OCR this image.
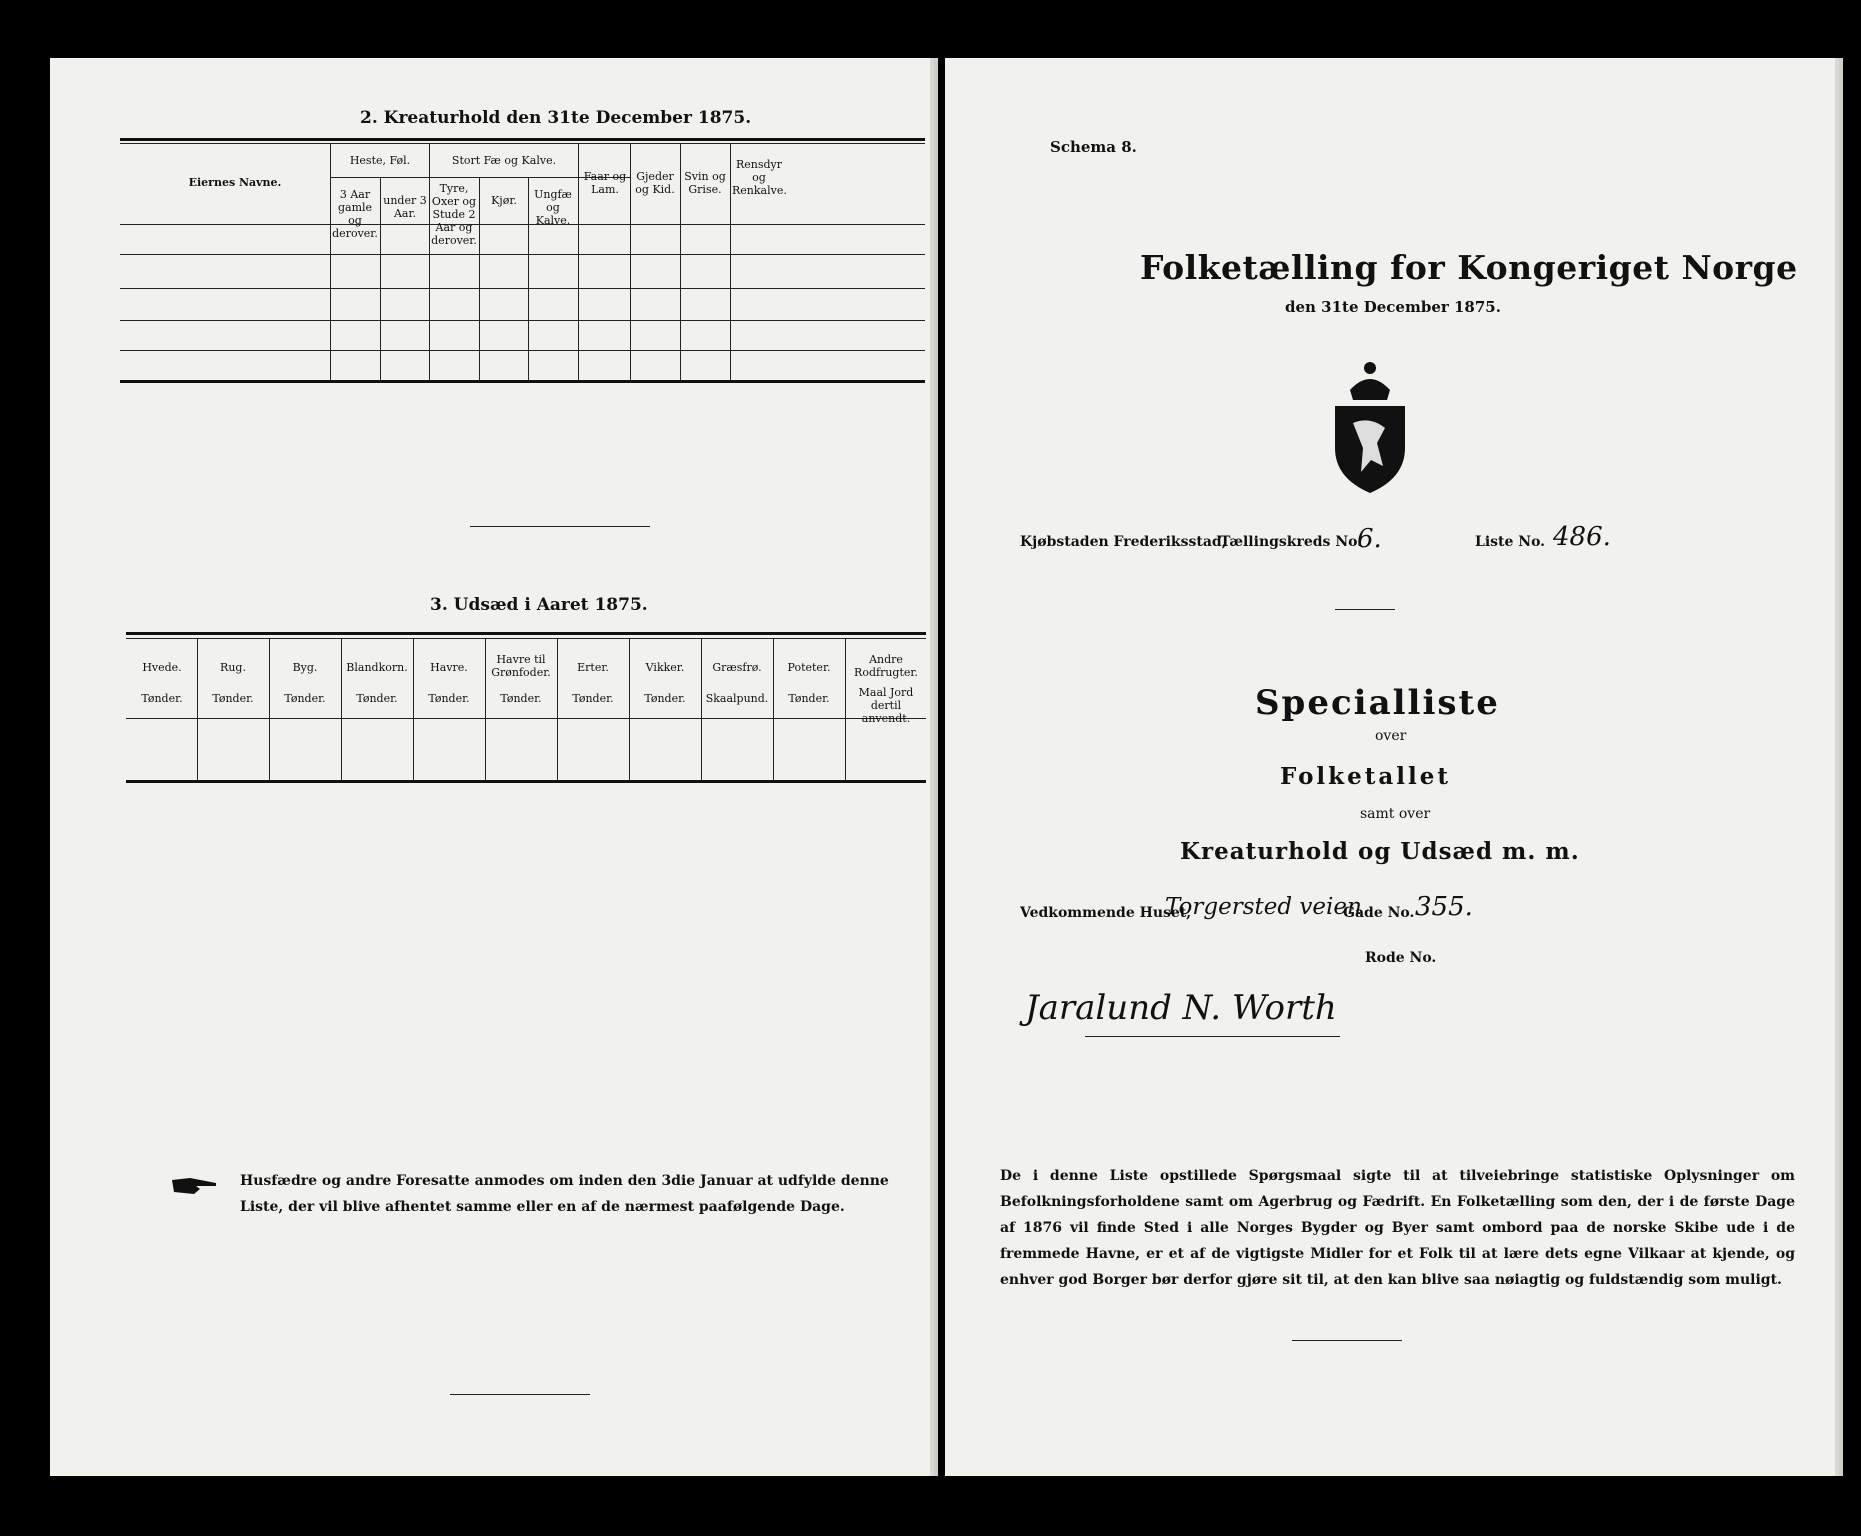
2. Kreaturhold den 31te December 1875.
Eiernes Navne.
Heste, Føl.
3 Aar gamle og derover.
under 3 Aar.
Stort Fæ og Kalve.
Tyre, Oxer og Stude 2 Aar og derover.
Kjør.	Ungfæ og Kalve.
Faar og Lam.
Gjeder og Kid.
Svin og Grise.
Rensdyr og Renkalve.
3. Udsæd i Aaret 1875.
Hvede.
Tønder.
Rug.
Tønder.
Byg.
Tønder.
Blandkorn.
Tønder.
Havre.
Tønder.
Havre til Grønfoder.
Tønder.
Erter.
Tønder.
Vikker.
Tønder.
Græsfrø.
Skaalpund.
Poteter.
Tønder.
Andre Rodfrugter.
Maal Jord dertil anvendt.
Husfædre og andre Foresatte anmodes om inden den 3die Januar at udfylde denne Liste, der vil blive afhentet samme eller en af de nærmest paafølgende Dage.
Schema 8.
Folketælling for Kongeriget Norge
den 31te December 1875.
Kjøbstaden Frederiksstad,
Tællingskreds No.
6.	Liste No. 486.
Specialliste
over
Folketallet
samt over
Kreaturhold og Udsæd m. m.
Vedkommende Huset,
Torgersted veien
Gade No. 355.
Rode No.
Jaralund N. Worth
De i denne Liste opstillede Spørgsmaal sigte til at tilveiebringe statistiske Oplysninger om Befolkningsforholdene samt om Agerbrug og Fædrift. En Folketælling som den, der i de første Dage af 1876 vil finde Sted i alle Norges Bygder og Byer samt ombord paa de norske Skibe ude i de fremmede Havne, er et af de vigtigste Midler for et Folk til at lære dets egne Vilkaar at kjende, og enhver god Borger bør derfor gjøre sit til, at den kan blive saa nøiagtig og fuldstændig som muligt.
